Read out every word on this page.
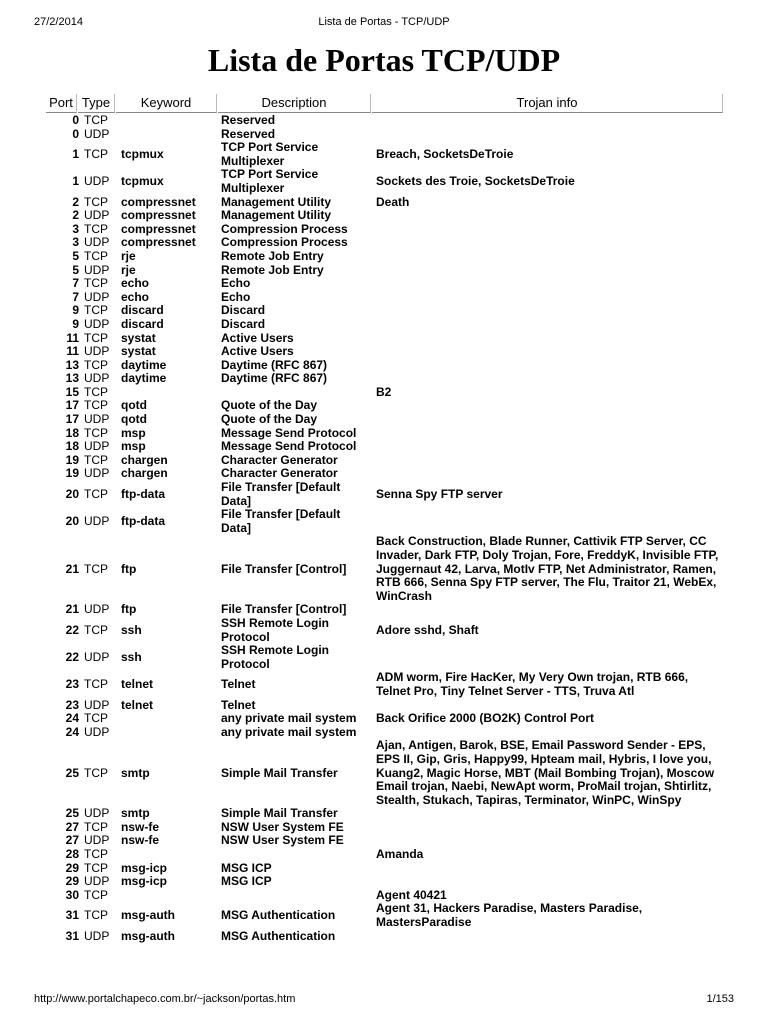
27/2/2014	Lista de Portas - TCP/UDP
Lista de Portas TCP/UDP
Port Type	Keyword	Description	Trojan info
0	TCP		Reserved	
0	UDP		Reserved	
1	TCP	tcpmux	TCP Port Service Multiplexer	Breach, SocketsDeTroie
1	UDP	tcpmux	TCP Port Service Multiplexer	Sockets des Troie, SocketsDeTroie
2	TCP	compressnet	Management Utility	Death
2	UDP	compressnet	Management Utility	
3	TCP	compressnet	Compression Process	
3	UDP	compressnet	Compression Process	
5	TCP	rje	Remote Job Entry	
5	UDP	rje	Remote Job Entry	
7	TCP	echo	Echo	
7	UDP	echo	Echo	
9	TCP	discard	Discard	
9	UDP	discard	Discard	
11	TCP	systat	Active Users	
11	UDP	systat	Active Users	
13	TCP	daytime	Daytime (RFC 867)	
13	UDP	daytime	Daytime (RFC 867)	
15	TCP			B2
17	TCP	qotd	Quote of the Day	
17	UDP	qotd	Quote of the Day	
18	TCP	msp	Message Send Protocol	
18	UDP	msp	Message Send Protocol	
19	TCP	chargen	Character Generator	
19	UDP	chargen	Character Generator	
20	TCP	ftp-data	File Transfer [Default Data]	Senna Spy FTP server
20	UDP	ftp-data	File Transfer [Default Data]	
21	TCP	ftp	File Transfer [Control]	Back Construction, Blade Runner, Cattivik FTP Server, CC Invader, Dark FTP, Doly Trojan, Fore, FreddyK, Invisible FTP, Juggernaut 42, Larva, MotIv FTP, Net Administrator, Ramen, RTB 666, Senna Spy FTP server, The Flu, Traitor 21, WebEx, WinCrash
21	UDP	ftp	File Transfer [Control]	
22	TCP	ssh	SSH Remote Login Protocol	Adore sshd, Shaft
22	UDP	ssh	SSH Remote Login Protocol	
23	TCP	telnet	Telnet	ADM worm, Fire HacKer, My Very Own trojan, RTB 666, Telnet Pro, Tiny Telnet Server - TTS, Truva Atl
23	UDP	telnet	Telnet	
24	TCP		any private mail system	Back Orifice 2000 (BO2K) Control Port
24	UDP		any private mail system	
25	TCP	smtp	Simple Mail Transfer	Ajan, Antigen, Barok, BSE, Email Password Sender - EPS, EPS II, Gip, Gris, Happy99, Hpteam mail, Hybris, I love you, Kuang2, Magic Horse, MBT (Mail Bombing Trojan), Moscow Email trojan, Naebi, NewApt worm, ProMail trojan, Shtirlitz, Stealth, Stukach, Tapiras, Terminator, WinPC, WinSpy
25	UDP	smtp	Simple Mail Transfer	
27	TCP	nsw-fe	NSW User System FE	
27	UDP	nsw-fe	NSW User System FE	
28	TCP			Amanda
29	TCP	msg-icp	MSG ICP	
29	UDP	msg-icp	MSG ICP	
30	TCP			Agent 40421
31	TCP	msg-auth	MSG Authentication	Agent 31, Hackers Paradise, Masters Paradise, MastersParadise
31	UDP	msg-auth	MSG Authentication	
http://www.portalchapeco.com.br/~jackson/portas.htm	1/153
